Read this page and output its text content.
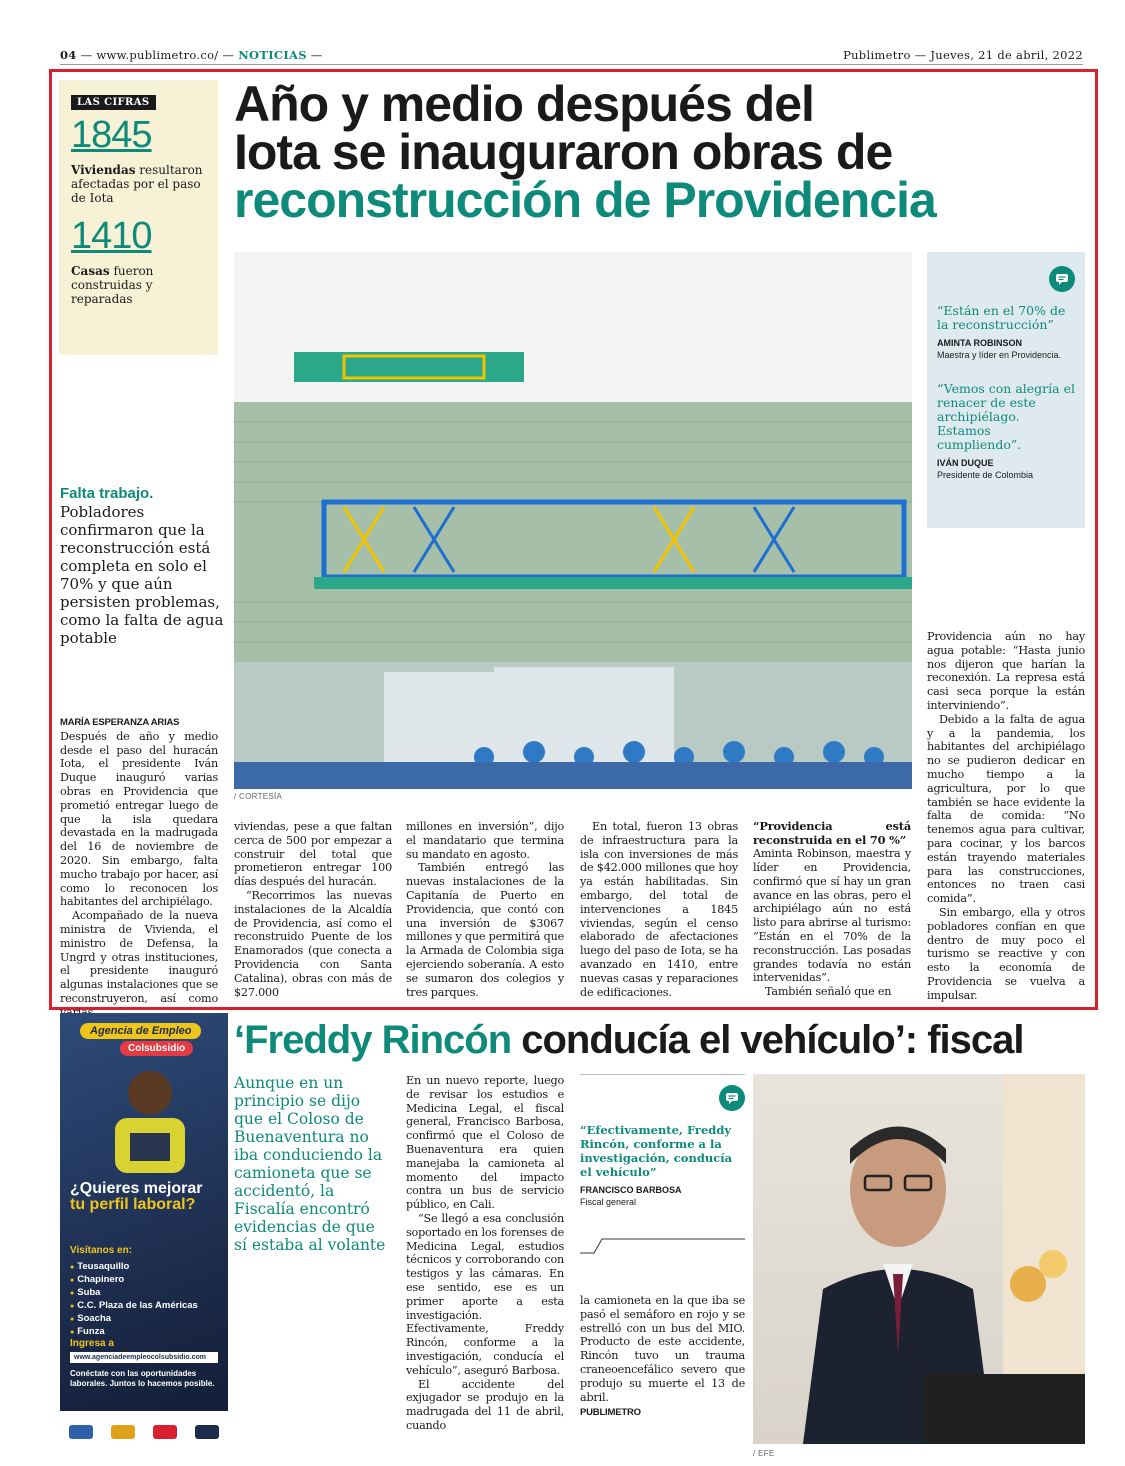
04 — www.publimetro.co/ — NOTICIAS —	Publimetro — Jueves, 21 de abril, 2022
LAS CIFRAS
1845
Viviendas resultaron afectadas por el paso de Iota
1410
Casas fueron construidas y reparadas
Año y medio después del
Iota se inauguraron obras de
reconstrucción de Providencia
/ CORTESÍA
“Están en el 70% de la reconstrucción”
AMINTA ROBINSON
Maestra y líder en Providencia.
“Vemos con alegría el renacer de este archipiélago. Estamos cumpliendo”.
IVÁN DUQUE
Presidente de Colombia
Falta trabajo. Pobladores confirmaron que la reconstrucción está completa en solo el 70% y que aún persisten problemas, como la falta de agua potable
MARÍA ESPERANZA ARIAS

Después de año y medio desde el paso del huracán Iota, el presidente Iván Duque inauguró varias obras en Providencia que prometió entregar luego de que la isla quedara devastada en la madrugada del 16 de noviembre de 2020. Sin embargo, falta mucho trabajo por hacer, así como lo reconocen los habitantes del archipiélago.

Acompañado de la nueva ministra de Vivienda, el ministro de Defensa, la Ungrd y otras instituciones, el presidente inauguró algunas instalaciones que se reconstruyeron, así como

viviendas, pese a que faltan cerca de 500 por empezar a construir del total que prometieron entregar 100 días después del huracán.

“Recorrimos las nuevas instalaciones de la Alcaldía de Providencia, así como el reconstruido Puente de los Enamorados (que conecta a Providencia con Santa Catalina), obras con más de $27.000

millones en inversión”, dijo el mandatario que termina su mandato en agosto.

También entregó las nuevas instalaciones de la Capitanía de Puerto en Providencia, que contó con una inversión de $3067 millones y que permitirá que la Armada de Colombia siga ejerciendo soberanía. A esto se sumaron dos colegios y tres parques.

En total, fueron 13 obras de infraestructura para la isla con inversiones de más de $42.000 millones que hoy ya están habilitadas. Sin embargo, del total de intervenciones a 1845 viviendas, según el censo elaborado de afectaciones luego del paso de Iota, se ha avanzado en 1410, entre nuevas casas y reparaciones de edificaciones.

“Providencia está reconstruida en el 70 %”

Aminta Robinson, maestra y líder en Providencia, confirmó que sí hay un gran avance en las obras, pero el archipiélago aún no está listo para abrirse al turismo: “Están en el 70% de la reconstrucción. Las posadas grandes todavía no están intervenidas”.

También señaló que en

Providencia aún no hay agua potable: “Hasta junio nos dijeron que harían la reconexión. La represa está casi seca porque la están interviniendo”.

Debido a la falta de agua y a la pandemia, los habitantes del archipiélago no se pudieron dedicar en mucho tiempo a la agricultura, por lo que también se hace evidente la falta de comida: “No tenemos agua para cultivar, para cocinar, y los barcos están trayendo materiales para las construcciones, entonces no traen casi comida”.

Sin embargo, ella y otros pobladores confían en que dentro de muy poco el turismo se reactive y con esto la economía de Providencia se vuelva a impulsar.

Agencia de Empleo
Colsubsidio
¿Quieres mejorar tu perfil laboral?
Visítanos en:
● Teusaquillo
● Chapinero
● Suba
● C.C. Plaza de las Américas
● Soacha
● Funza
Ingresa a
www.agenciadeempleocolsubsidio.com
Conéctate con las oportunidades laborales. Juntos lo hacemos posible.
‘Freddy Rincón conducía el vehículo’: fiscal
Aunque en un principio se dijo que el Coloso de Buenaventura no iba conduciendo la camioneta que se accidentó, la Fiscalía encontró evidencias de que sí estaba al volante

En un nuevo reporte, luego de revisar los estudios e Medicina Legal, el fiscal general, Francisco Barbosa, confirmó que el Coloso de Buenaventura era quien manejaba la camioneta al momento del impacto contra un bus de servicio público, en Cali.

“Se llegó a esa conclusión soportado en los forenses de Medicina Legal, estudios técnicos y corroborando con testigos y las cámaras. En ese sentido, ese es un primer aporte a esta investigación. Efectivamente, Freddy Rincón, conforme a la investigación, conducía el vehículo”, aseguró Barbosa.

El accidente del exjugador se produjo en la madrugada del 11 de abril, cuando

“Efectivamente, Freddy Rincón, conforme a la investigación, conducía el vehículo”
FRANCISCO BARBOSA
Fiscal general

la camioneta en la que iba se pasó el semáforo en rojo y se estrelló con un bus del MIO. Producto de este accidente, Rincón tuvo un trauma craneoencefálico severo que produjo su muerte el 13 de abril.

PUBLIMETRO
/ EFE
